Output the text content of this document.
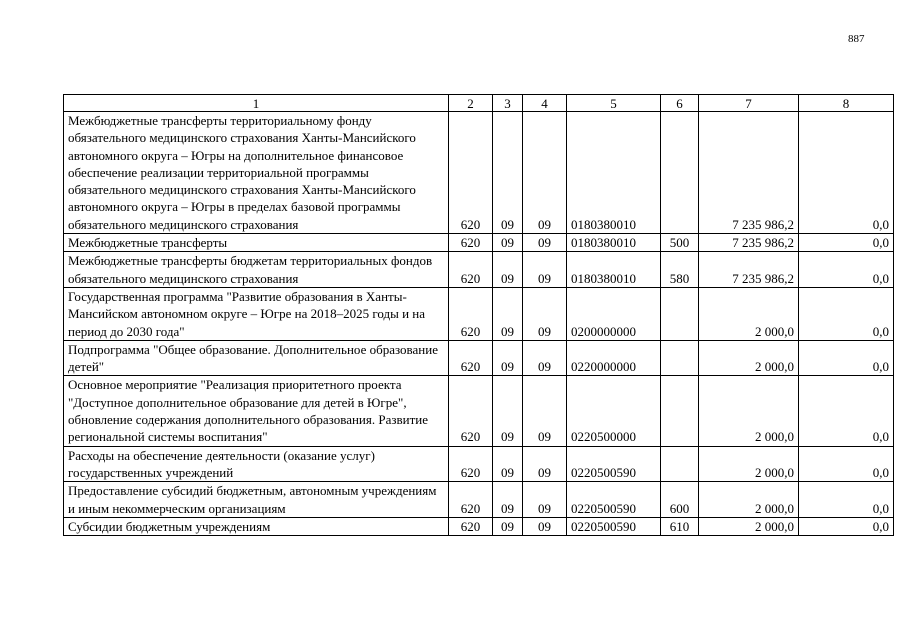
887
1	2	3	4	5	6	7	8
Межбюджетные трансферты территориальному фонду обязательного медицинского страхования Ханты-Мансийского автономного округа – Югры на дополнительное финансовое обеспечение реализации территориальной программы обязательного медицинского страхования Ханты-Мансийского автономного округа – Югры в пределах базовой программы обязательного медицинского страхования	620	09	09	0180380010		7 235 986,2	0,0
Межбюджетные трансферты	620	09	09	0180380010	500	7 235 986,2	0,0
Межбюджетные трансферты бюджетам территориальных фондов обязательного медицинского страхования	620	09	09	0180380010	580	7 235 986,2	0,0
Государственная программа "Развитие образования в Ханты-Мансийском автономном округе – Югре на 2018–2025 годы и на период до 2030 года"	620	09	09	0200000000		2 000,0	0,0
Подпрограмма "Общее образование. Дополнительное образование детей"	620	09	09	0220000000		2 000,0	0,0
Основное мероприятие "Реализация приоритетного проекта "Доступное дополнительное образование для детей в Югре", обновление содержания дополнительного образования. Развитие региональной системы воспитания"	620	09	09	0220500000		2 000,0	0,0
Расходы на обеспечение деятельности (оказание услуг) государственных учреждений	620	09	09	0220500590		2 000,0	0,0
Предоставление субсидий бюджетным, автономным учреждениям и иным некоммерческим организациям	620	09	09	0220500590	600	2 000,0	0,0
Субсидии бюджетным учреждениям	620	09	09	0220500590	610	2 000,0	0,0
